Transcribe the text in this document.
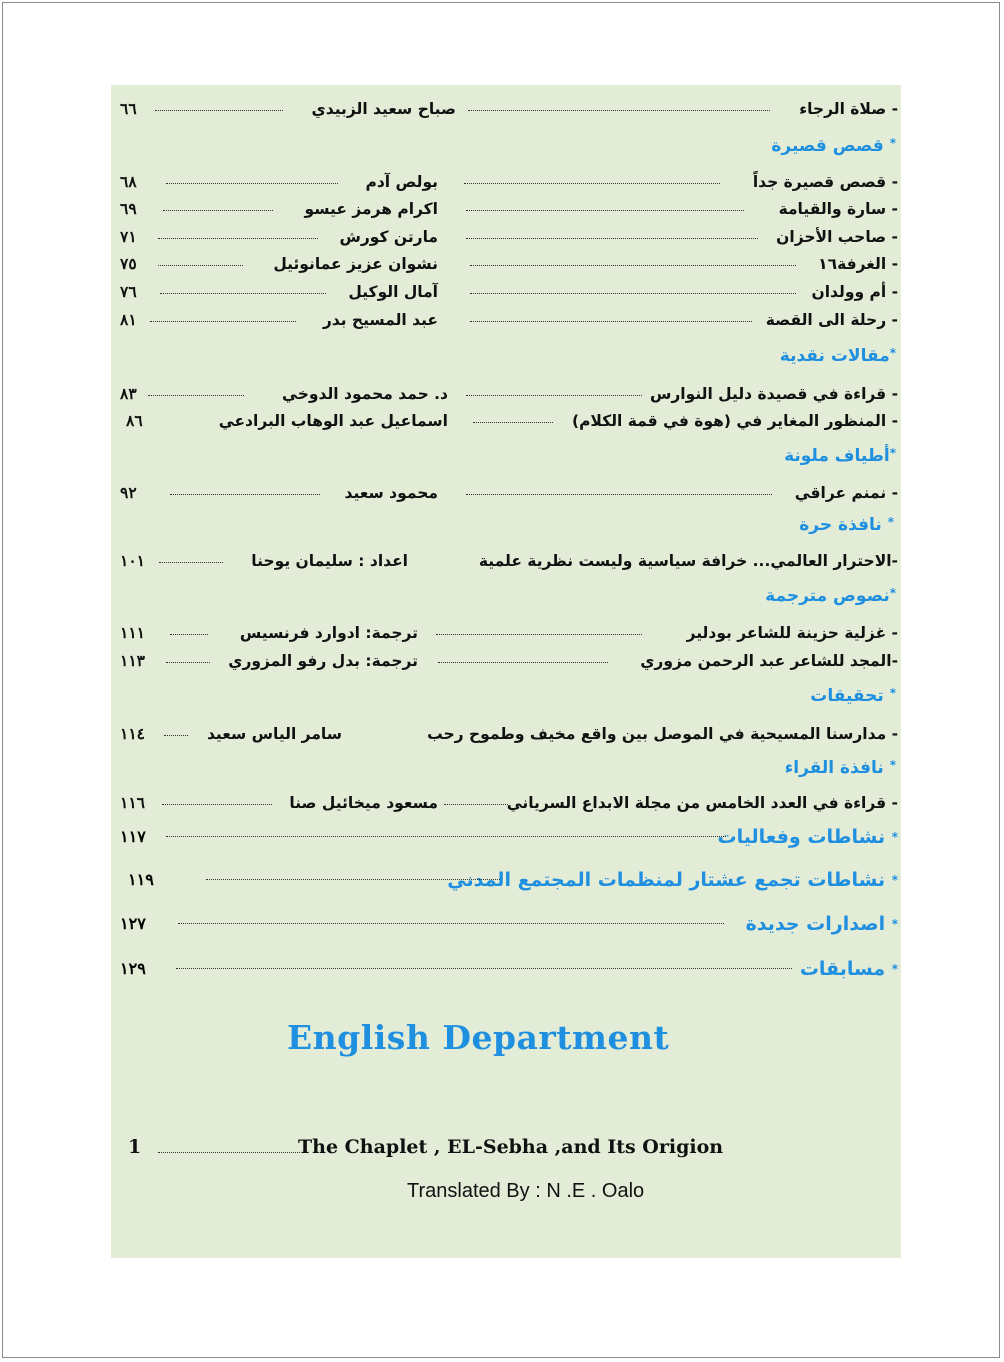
- صلاة الرجاء
صباح سعيد الزبيدي
٦٦
* قصص قصيرة
- قصص قصيرة جداً
بولص آدم
٦٨
- سارة والقيامة
اكرام هرمز عيسو
٦٩
- صاحب الأحزان
مارتن كورش
٧١
- الغرفة١٦
نشوان عزيز عمانوئيل
٧٥
- أم وولدان
آمال الوكيل
٧٦
- رحلة الى القصة
عبد المسيح بدر
٨١
*مقالات نقدية
- قراءة في قصيدة دليل النوارس
د. حمد محمود الدوخي
٨٣
- المنظور المغاير في (هوة في قمة الكلام)
اسماعيل عبد الوهاب البرادعي
٨٦
*أطياف ملونة
- نمنم عراقي
محمود سعيد
٩٢
* نافذة حرة
-الاحترار العالمي... خرافة سياسية وليست نظرية علمية
اعداد : سليمان يوحنا
١٠١
*نصوص مترجمة
- غزلية حزينة للشاعر بودلير
ترجمة: ادوارد فرنسيس
١١١
-المجد للشاعر عبد الرحمن مزوري
ترجمة: بدل رفو المزوري
١١٣
* تحقيقات
- مدارسنا المسيحية في الموصل بين واقع مخيف وطموح رحب
سامر الياس سعيد
١١٤
* نافذة القراء
- قراءة في العدد الخامس من مجلة الابداع السرياني
مسعود ميخائيل صنا
١١٦
* نشاطات وفعاليات
١١٧
* نشاطات تجمع عشتار لمنظمات المجتمع المدني
١١٩
* اصدارات جديدة
١٢٧
* مسابقات
١٢٩
English Department
1	The Chaplet , EL-Sebha ,and Its Origion
Translated By : N .E . Oalo
